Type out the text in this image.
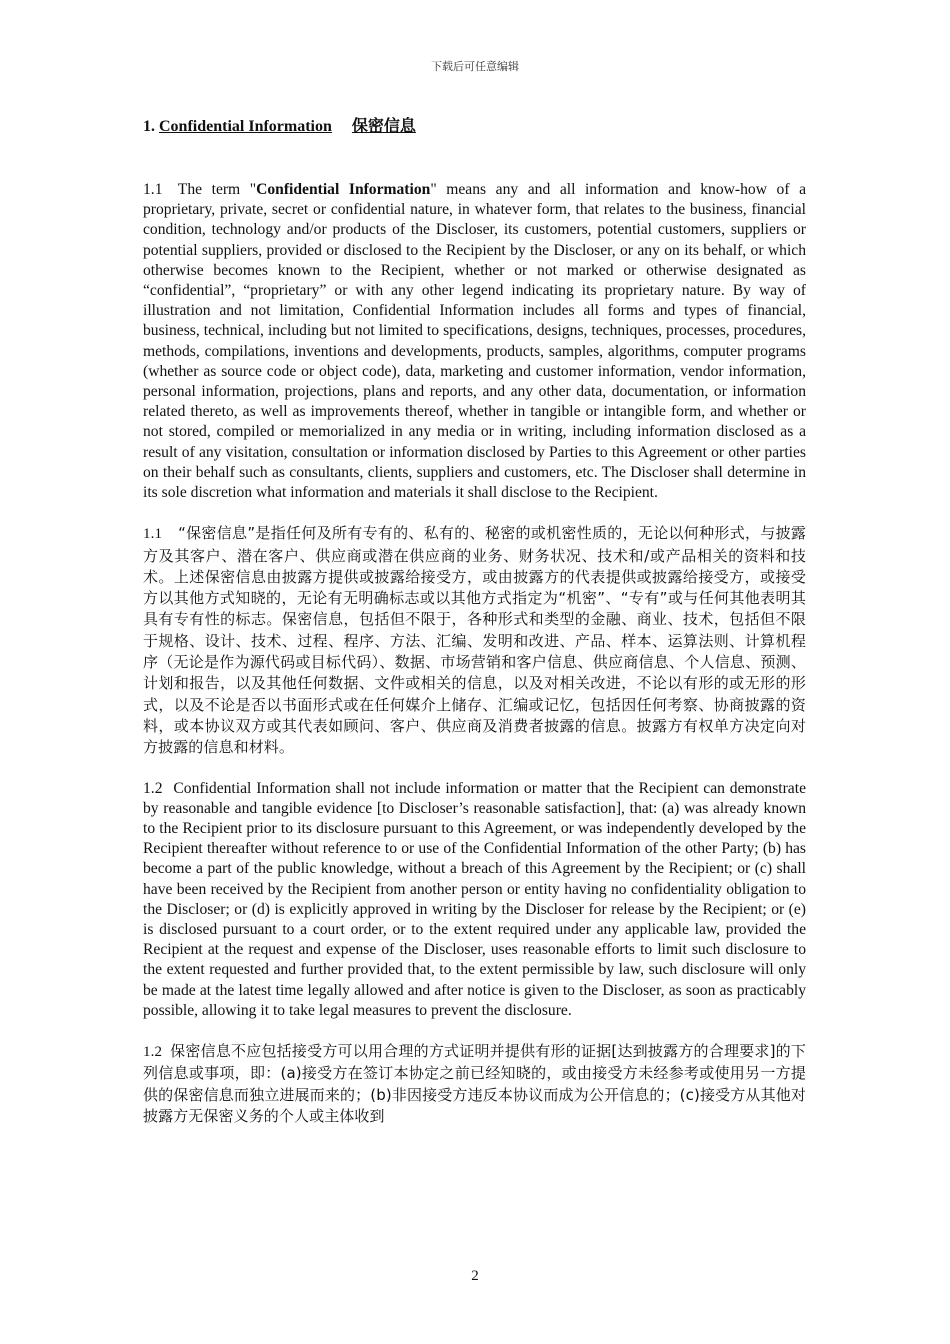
下载后可任意编辑
1. Confidential Information 保密信息

1.1 The term "Confidential Information" means any and all information and know-how of a proprietary, private, secret or confidential nature, in whatever form, that relates to the business, financial condition, technology and/or products of the Discloser, its customers, potential customers, suppliers or potential suppliers, provided or disclosed to the Recipient by the Discloser, or any on its behalf, or which otherwise becomes known to the Recipient, whether or not marked or otherwise designated as “confidential”, “proprietary” or with any other legend indicating its proprietary nature. By way of illustration and not limitation, Confidential Information includes all forms and types of financial, business, technical, including but not limited to specifications, designs, techniques, processes, procedures, methods, compilations, inventions and developments, products, samples, algorithms, computer programs (whether as source code or object code), data, marketing and customer information, vendor information, personal information, projections, plans and reports, and any other data, documentation, or information related thereto, as well as improvements thereof, whether in tangible or intangible form, and whether or not stored, compiled or memorialized in any media or in writing, including information disclosed as a result of any visitation, consultation or information disclosed by Parties to this Agreement or other parties on their behalf such as consultants, clients, suppliers and customers, etc. The Discloser shall determine in its sole discretion what information and materials it shall disclose to the Recipient.

1.1 “保密信息”是指任何及所有专有的、私有的、秘密的或机密性质的，无论以何种形式，与披露方及其客户、潜在客户、供应商或潜在供应商的业务、财务状况、技术和/或产品相关的资料和技术。上述保密信息由披露方提供或披露给接受方，或由披露方的代表提供或披露给接受方，或接受方以其他方式知晓的，无论有无明确标志或以其他方式指定为“机密”、“专有”或与任何其他表明其具有专有性的标志。保密信息，包括但不限于，各种形式和类型的金融、商业、技术，包括但不限于规格、设计、技术、过程、程序、方法、汇编、发明和改进、产品、样本、运算法则、计算机程序（无论是作为源代码或目标代码）、数据、市场营销和客户信息、供应商信息、个人信息、预测、计划和报告，以及其他任何数据、文件或相关的信息，以及对相关改进，不论以有形的或无形的形式，以及不论是否以书面形式或在任何媒介上储存、汇编或记忆，包括因任何考察、协商披露的资料，或本协议双方或其代表如顾问、客户、供应商及消费者披露的信息。披露方有权单方决定向对方披露的信息和材料。

1.2 Confidential Information shall not include information or matter that the Recipient can demonstrate by reasonable and tangible evidence [to Discloser’s reasonable satisfaction], that: (a) was already known to the Recipient prior to its disclosure pursuant to this Agreement, or was independently developed by the Recipient thereafter without reference to or use of the Confidential Information of the other Party; (b) has become a part of the public knowledge, without a breach of this Agreement by the Recipient; or (c) shall have been received by the Recipient from another person or entity having no confidentiality obligation to the Discloser; or (d) is explicitly approved in writing by the Discloser for release by the Recipient; or (e) is disclosed pursuant to a court order, or to the extent required under any applicable law, provided the Recipient at the request and expense of the Discloser, uses reasonable efforts to limit such disclosure to the extent requested and further provided that, to the extent permissible by law, such disclosure will only be made at the latest time legally allowed and after notice is given to the Discloser, as soon as practicably possible, allowing it to take legal measures to prevent the disclosure.

1.2 保密信息不应包括接受方可以用合理的方式证明并提供有形的证据[达到披露方的合理要求]的下列信息或事项，即：(a)接受方在签订本协定之前已经知晓的，或由接受方未经参考或使用另一方提供的保密信息而独立进展而来的；(b)非因接受方违反本协议而成为公开信息的；(c)接受方从其他对披露方无保密义务的个人或主体收到

2
